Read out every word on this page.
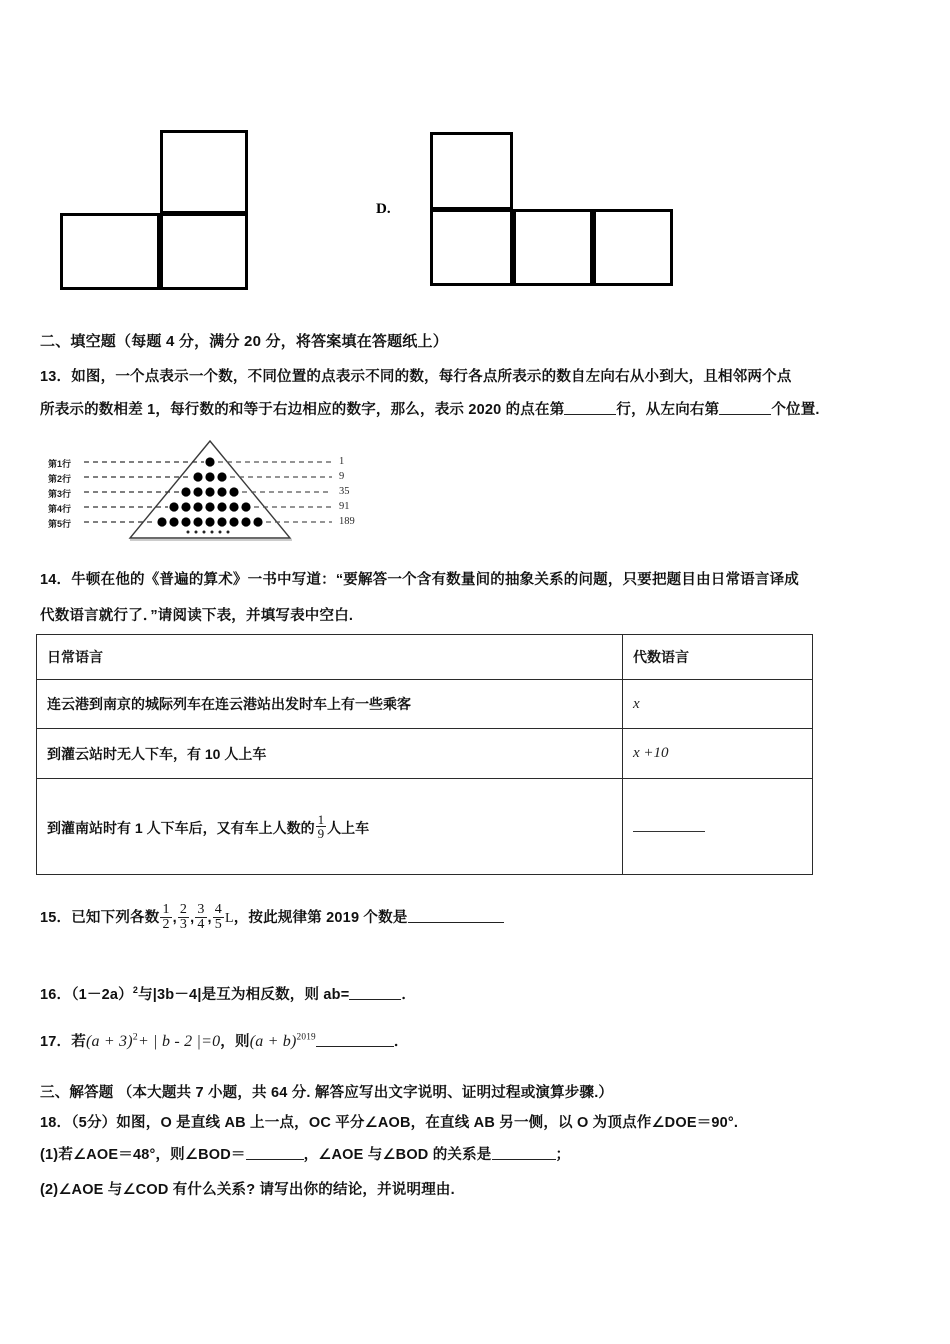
D.
二、填空题（每题 4 分，满分 20 分，将答案填在答题纸上）
13．如图，一个点表示一个数，不同位置的点表示不同的数，每行各点所表示的数自左向右从小到大，且相邻两个点
所表示的数相差 1，每行数的和等于右边相应的数字，那么，表示 2020 的点在第	行，从左向右第	个位置.
第1行
第2行
第3行
第4行
第5行
1
9
35
91
189
14．牛顿在他的《普遍的算术》一书中写道：“要解答一个含有数量间的抽象关系的问题，只要把题目由日常语言译成
代数语言就行了．”请阅读下表，并填写表中空白.
日常语言	代数语言
连云港到南京的城际列车在连云港站出发时车上有一些乘客	x
到灌云站时无人下车，有 10 人上车	x +10
到灌南站时有 1 人下车后，又有车上人数的 $\frac{1}{9}$ 人上车	
15．已知下列各数 $\frac{1}{2}$ , $\frac{2}{3}$ , $\frac{3}{4}$ , $\frac{4}{5}$ L，按此规律第 2019 个数是
16．$(1-2a)^2$与|3b－4|是互为相反数，则 ab=	．
17．若$(a + 3)^2+$ | b - 2 |=0，则$(a + b)^{2019}$	．
三、解答题 （本大题共 7 小题，共 64 分. 解答应写出文字说明、证明过程或演算步骤.）
18．（5分）如图，O 是直线 AB 上一点，OC 平分∠AOB，在直线 AB 另一侧，以 O 为顶点作∠DOE＝90°.
(1)若∠AOE＝48°，则∠BOD＝	，∠AOE 与∠BOD 的关系是	；
(2)∠AOE 与∠COD 有什么关系? 请写出你的结论，并说明理由.
